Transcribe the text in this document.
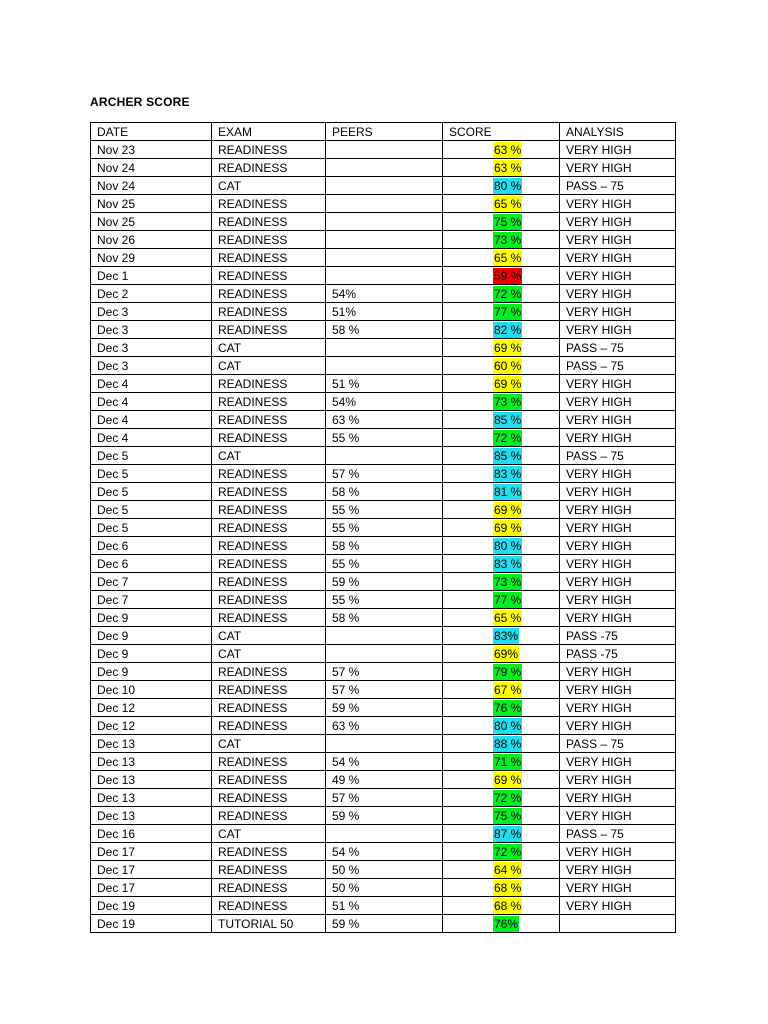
ARCHER SCORE
DATE	EXAM	PEERS	SCORE	ANALYSIS
Nov 23	READINESS		63 %	VERY HIGH
Nov 24	READINESS		63 %	VERY HIGH
Nov 24	CAT		80 %	PASS – 75
Nov 25	READINESS		65 %	VERY HIGH
Nov 25	READINESS		75 %	VERY HIGH
Nov 26	READINESS		73 %	VERY HIGH
Nov 29	READINESS		65 %	VERY HIGH
Dec 1	READINESS		59 %	VERY HIGH
Dec 2	READINESS	54%	72 %	VERY HIGH
Dec 3	READINESS	51%	77 %	VERY HIGH
Dec 3	READINESS	58 %	82 %	VERY HIGH
Dec 3	CAT		69 %	PASS – 75
Dec 3	CAT		60 %	PASS – 75
Dec 4	READINESS	51 %	69 %	VERY HIGH
Dec 4	READINESS	54%	73 %	VERY HIGH
Dec 4	READINESS	63 %	85 %	VERY HIGH
Dec 4	READINESS	55 %	72 %	VERY HIGH
Dec 5	CAT		85 %	PASS – 75
Dec 5	READINESS	57 %	83 %	VERY HIGH
Dec 5	READINESS	58 %	81 %	VERY HIGH
Dec 5	READINESS	55 %	69 %	VERY HIGH
Dec 5	READINESS	55 %	69 %	VERY HIGH
Dec 6	READINESS	58 %	80 %	VERY HIGH
Dec 6	READINESS	55 %	83 %	VERY HIGH
Dec 7	READINESS	59 %	73 %	VERY HIGH
Dec 7	READINESS	55 %	77 %	VERY HIGH
Dec 9	READINESS	58 %	65 %	VERY HIGH
Dec 9	CAT		83%	PASS -75
Dec 9	CAT		69%	PASS -75
Dec 9	READINESS	57 %	79 %	VERY HIGH
Dec 10	READINESS	57 %	67 %	VERY HIGH
Dec 12	READINESS	59 %	76 %	VERY HIGH
Dec 12	READINESS	63 %	80 %	VERY HIGH
Dec 13	CAT		88 %	PASS – 75
Dec 13	READINESS	54 %	71 %	VERY HIGH
Dec 13	READINESS	49 %	69 %	VERY HIGH
Dec 13	READINESS	57 %	72 %	VERY HIGH
Dec 13	READINESS	59 %	75 %	VERY HIGH
Dec 16	CAT		87 %	PASS – 75
Dec 17	READINESS	54 %	72 %	VERY HIGH
Dec 17	READINESS	50 %	64 %	VERY HIGH
Dec 17	READINESS	50 %	68 %	VERY HIGH
Dec 19	READINESS	51 %	68 %	VERY HIGH
Dec 19	TUTORIAL 50	59 %	76%	
